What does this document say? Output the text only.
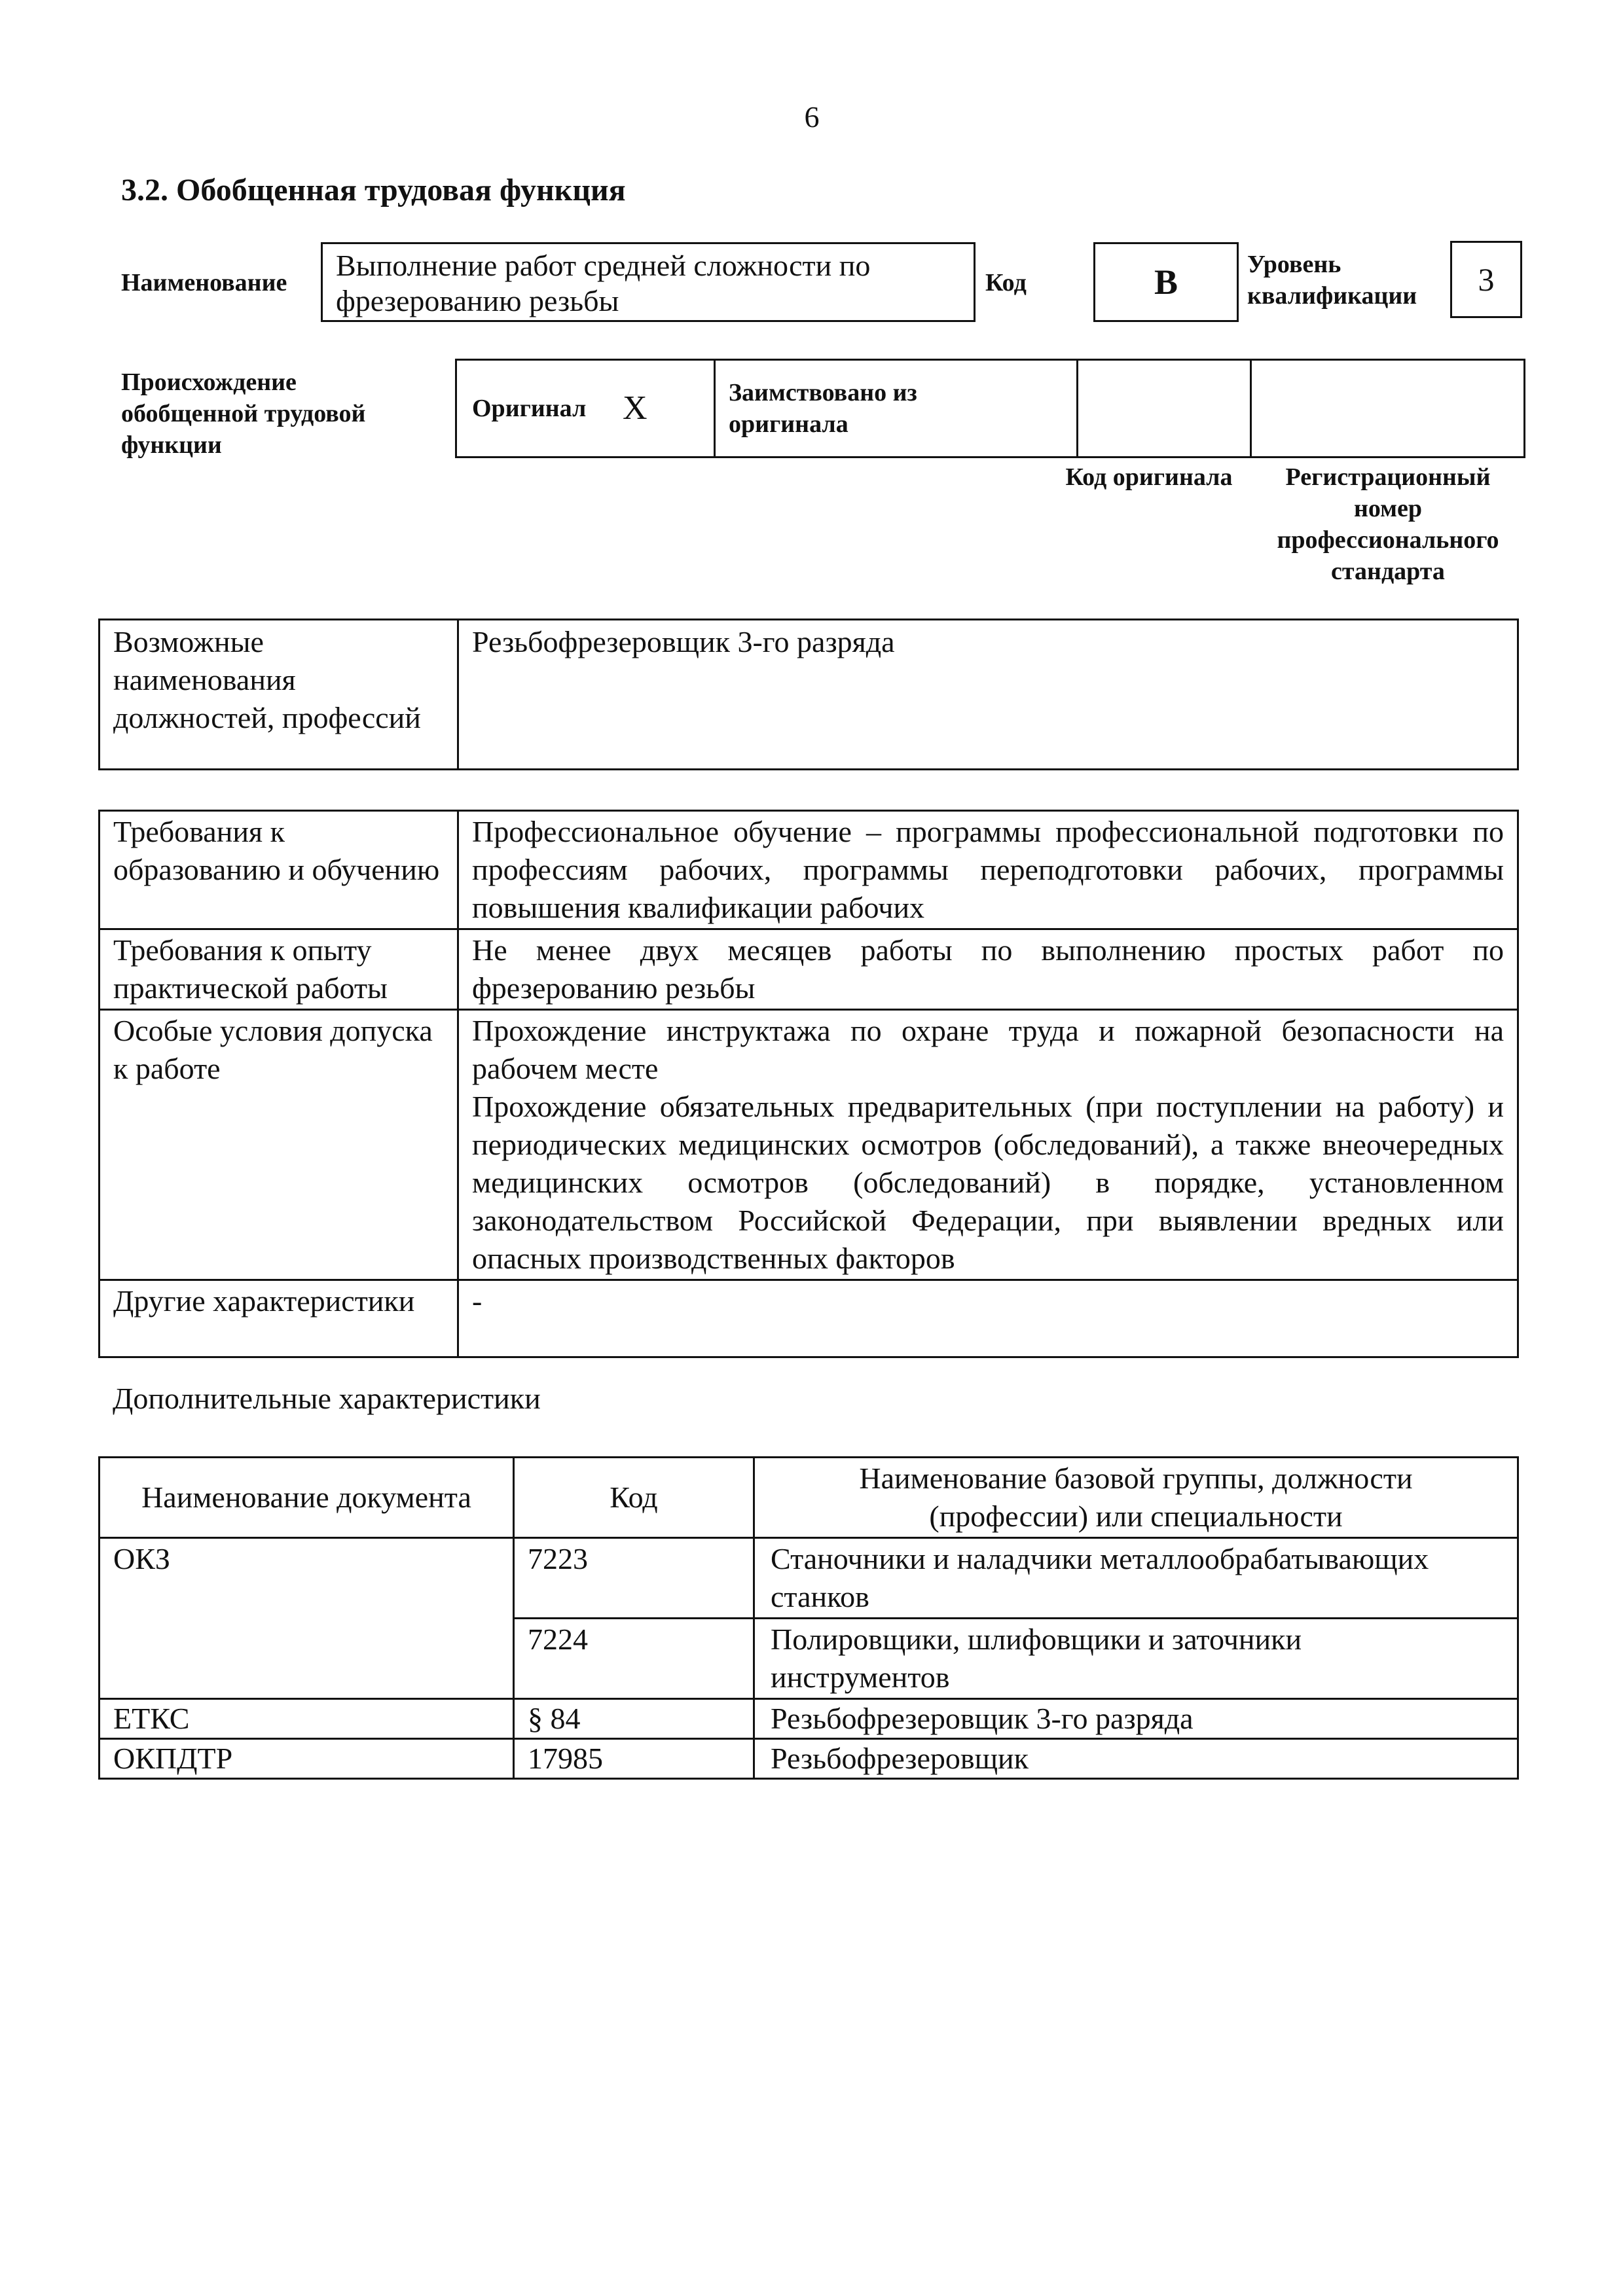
6
3.2. Обобщенная трудовая функция
Наименование
Выполнение работ средней сложности по фрезерованию резьбы
Код	B	Уровень квалификации	3
Происхождение обобщенной трудовой функции
Оригинал	X	Заимствовано из оригинала

Код оригинала	Регистрационный номер профессионального стандарта
Возможные наименования должностей, профессий	Резьбофрезеровщик 3-го разряда
Требования к образованию и обучению	Профессиональное обучение – программы профессиональной подготовки по профессиям рабочих, программы переподготовки рабочих, программы повышения квалификации рабочих
Требования к опыту практической работы	Не менее двух месяцев работы по выполнению простых работ по фрезерованию резьбы
Особые условия допуска к работе	Прохождение инструктажа по охране труда и пожарной безопасности на рабочем месте
Прохождение обязательных предварительных (при поступлении на работу) и периодических медицинских осмотров (обследований), а также внеочередных медицинских осмотров (обследований) в порядке, установленном законодательством Российской Федерации, при выявлении вредных или опасных производственных факторов

Другие характеристики	-
Дополнительные характеристики
Наименование документа	Код	Наименование базовой группы, должности (профессии) или специальности
ОКЗ	7223	Станочники и наладчики металлообрабатывающих станков

	7224	Полировщики, шлифовщики и заточники инструментов

ЕТКС	§ 84	Резьбофрезеровщик 3-го разряда
ОКПДТР	17985	Резьбофрезеровщик
